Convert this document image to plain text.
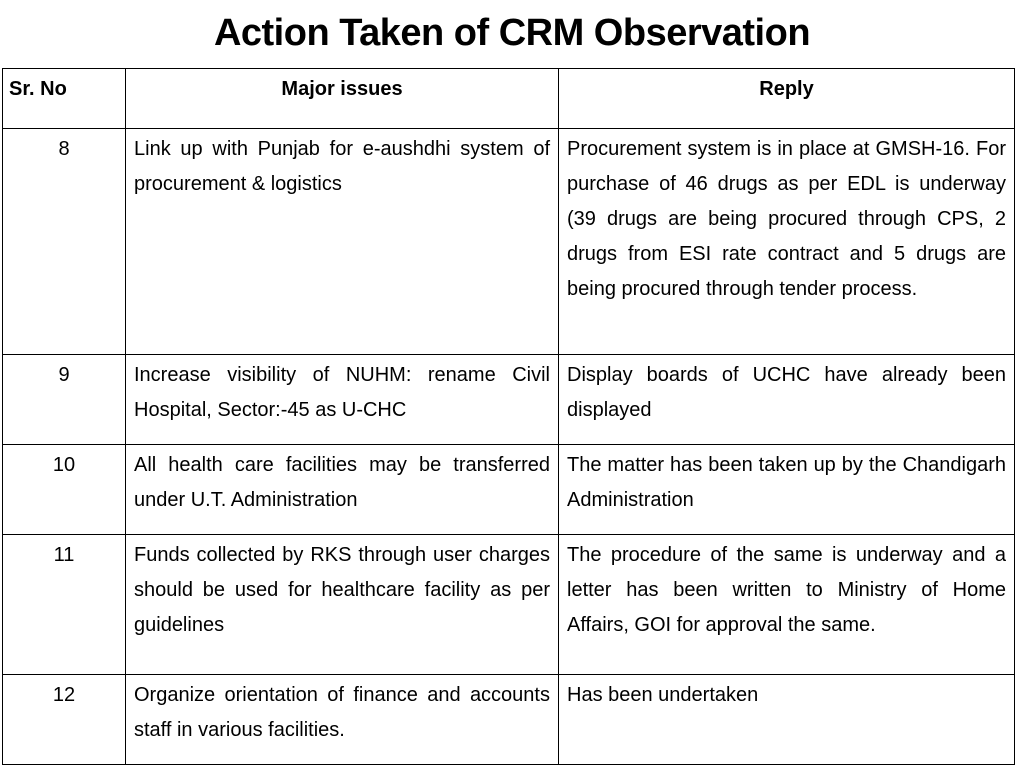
Action Taken of CRM Observation
Sr. No	Major issues	Reply
8	Link up with Punjab for e-aushdhi system of procurement & logistics	Procurement system is in place at GMSH-16. For purchase of 46 drugs as per EDL is underway (39 drugs are being procured through CPS, 2 drugs from ESI rate contract and 5 drugs are being procured through tender process.
9	Increase visibility of NUHM: rename Civil Hospital, Sector:-45 as U-CHC	Display boards of UCHC have already been displayed
10	All health care facilities may be transferred under U.T. Administration	The matter has been taken up by the Chandigarh Administration
11	Funds collected by RKS through user charges should be used for healthcare facility as per guidelines	The procedure of the same is underway and a letter has been written to Ministry of Home Affairs, GOI for approval the same.
12	Organize orientation of finance and accounts staff in various facilities.	Has been undertaken
